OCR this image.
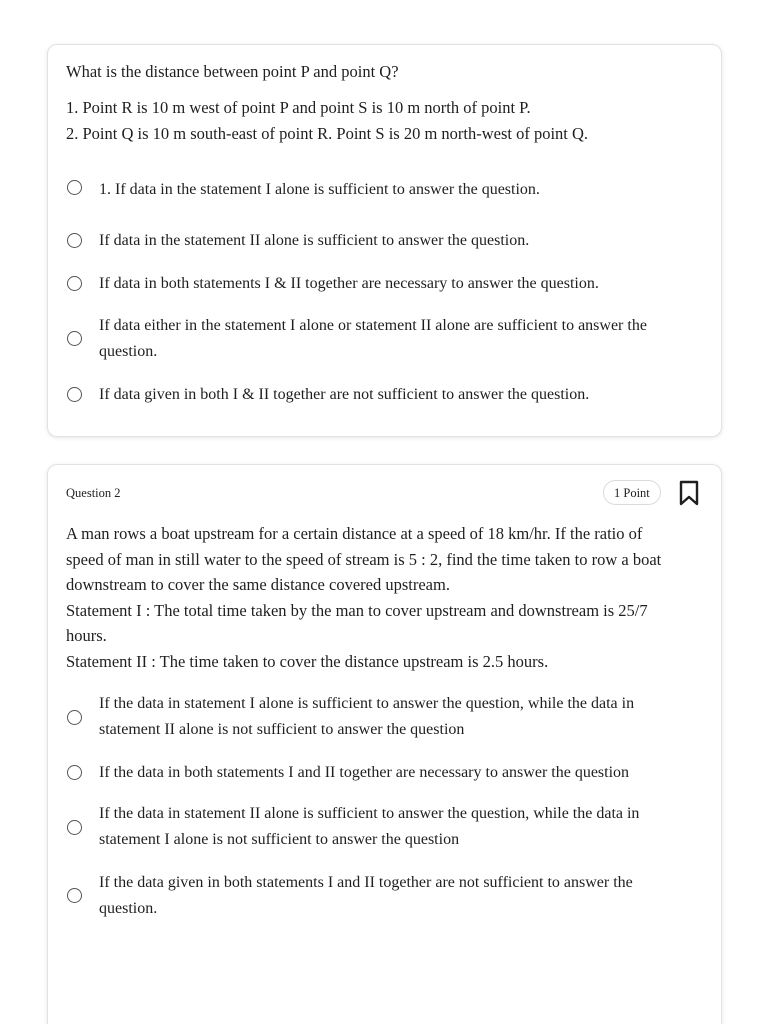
What is the distance between point P and point Q?
1. Point R is 10 m west of point P and point S is 10 m north of point P.
2. Point Q is 10 m south-east of point R. Point S is 20 m north-west of point Q.
1. If data in the statement I alone is sufficient to answer the question.
If data in the statement II alone is sufficient to answer the question.
If data in both statements I & II together are necessary to answer the question.
If data either in the statement I alone or statement II alone are sufficient to answer the
question.
If data given in both I & II together are not sufficient to answer the question.
Question 2	1 Point
A man rows a boat upstream for a certain distance at a speed of 18 km/hr. If the ratio of
speed of man in still water to the speed of stream is 5 : 2, find the time taken to row a boat
downstream to cover the same distance covered upstream.
Statement I : The total time taken by the man to cover upstream and downstream is 25/7
hours.
Statement II : The time taken to cover the distance upstream is 2.5 hours.
If the data in statement I alone is sufficient to answer the question, while the data in
statement II alone is not sufficient to answer the question
If the data in both statements I and II together are necessary to answer the question
If the data in statement II alone is sufficient to answer the question, while the data in
statement I alone is not sufficient to answer the question
If the data given in both statements I and II together are not sufficient to answer the
question.
